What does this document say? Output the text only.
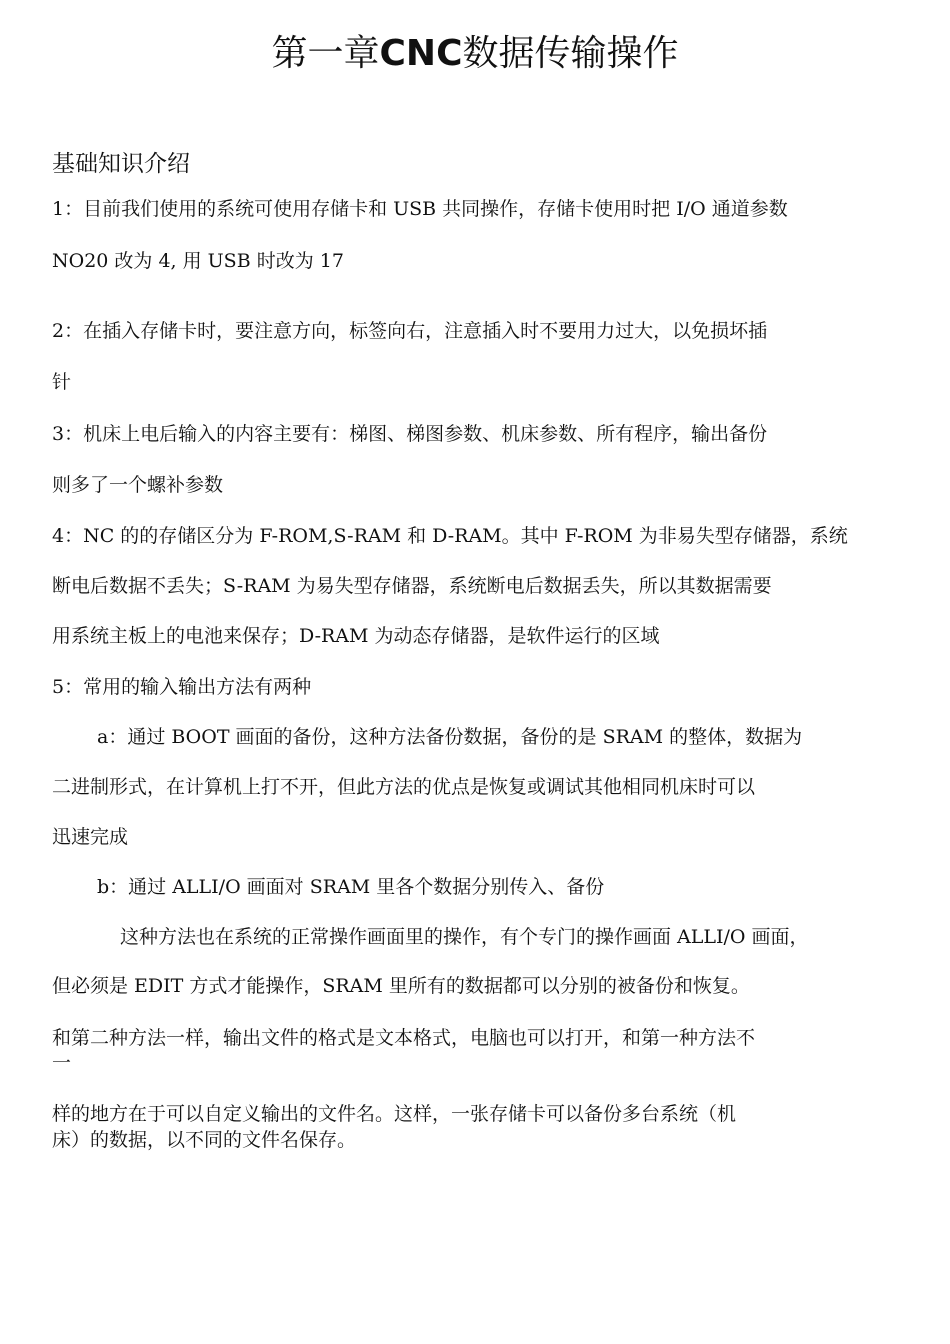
第一章CNC数据传输操作
基础知识介绍
1：目前我们使用的系统可使用存储卡和 USB 共同操作，存储卡使用时把 I/O 通道参数
NO20 改为 4, 用 USB 时改为 17
2：在插入存储卡时，要注意方向，标签向右，注意插入时不要用力过大，以免损坏插
针
3：机床上电后输入的内容主要有：梯图、梯图参数、机床参数、所有程序，输出备份
则多了一个螺补参数
4：NC 的的存储区分为 F-ROM,S-RAM 和 D-RAM。其中 F-ROM 为非易失型存储器，系统
断电后数据不丢失；S-RAM 为易失型存储器，系统断电后数据丢失，所以其数据需要
用系统主板上的电池来保存；D-RAM 为动态存储器，是软件运行的区域
5：常用的输入输出方法有两种
a：通过 BOOT 画面的备份，这种方法备份数据，备份的是 SRAM 的整体，数据为
二进制形式，在计算机上打不开，但此方法的优点是恢复或调试其他相同机床时可以
迅速完成
b：通过 ALLI/O 画面对 SRAM 里各个数据分别传入、备份
这种方法也在系统的正常操作画面里的操作，有个专门的操作画面 ALLI/O 画面，
但必须是 EDIT 方式才能操作，SRAM 里所有的数据都可以分别的被备份和恢复。
和第二种方法一样，输出文件的格式是文本格式，电脑也可以打开，和第一种方法不
一
样的地方在于可以自定义输出的文件名。这样，一张存储卡可以备份多台系统（机
床）的数据，以不同的文件名保存。
